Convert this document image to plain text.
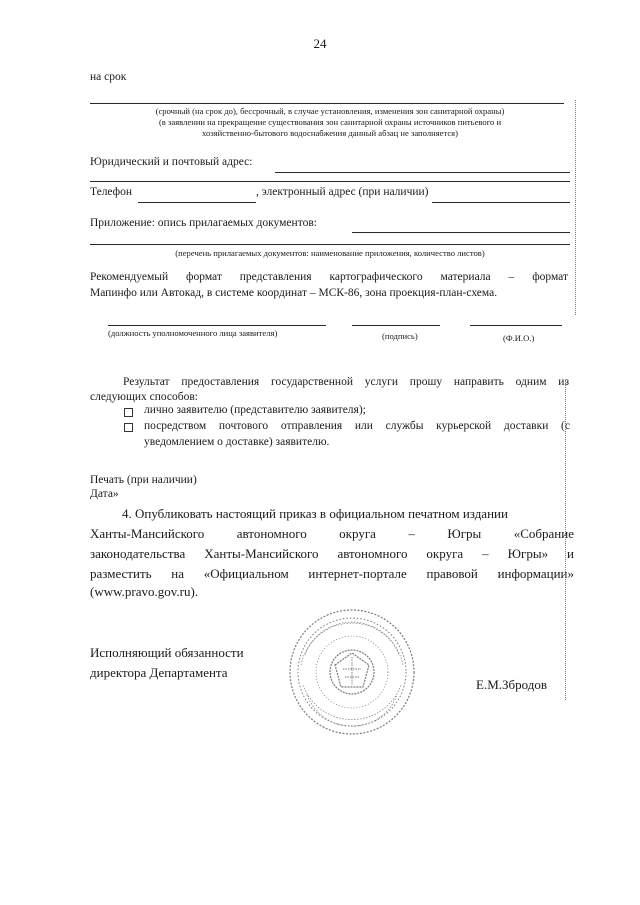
24
на срок
(срочный (на срок до), бессрочный, в случае установления, изменения зон санитарной охраны)
(в заявлении на прекращение существования зон санитарной охраны источников питьевого и
хозяйственно-бытового водоснабжения данный абзац не заполняется)
Юридический и почтовый адрес:
Телефон	, электронный адрес (при наличии)
Приложение: опись прилагаемых документов:
(перечень прилагаемых документов: наименование приложения, количество листов)
Рекомендуемый формат представления картографического материала – формат
Мапинфо или Автокад, в системе координат – МСК-86, зона проекция-план-схема.
(должность уполномоченного лица заявителя)	(подпись)	(Ф.И.О.)
Результат предоставления государственной услуги прошу направить одним из
следующих способов:
лично заявителю (представителю заявителя);
посредством почтового отправления или службы курьерской доставки (с
уведомлением о доставке) заявителю.
Печать (при наличии)
Дата»
4. Опубликовать настоящий приказ в официальном печатном издании
Ханты-Мансийского автономного округа – Югры «Собрание
законодательства Ханты-Мансийского автономного округа – Югры» и
разместить на «Официальном интернет-портале правовой информации»
(www.pravo.gov.ru).
Исполняющий обязанности
директора Департамента
Е.М.Збродов
